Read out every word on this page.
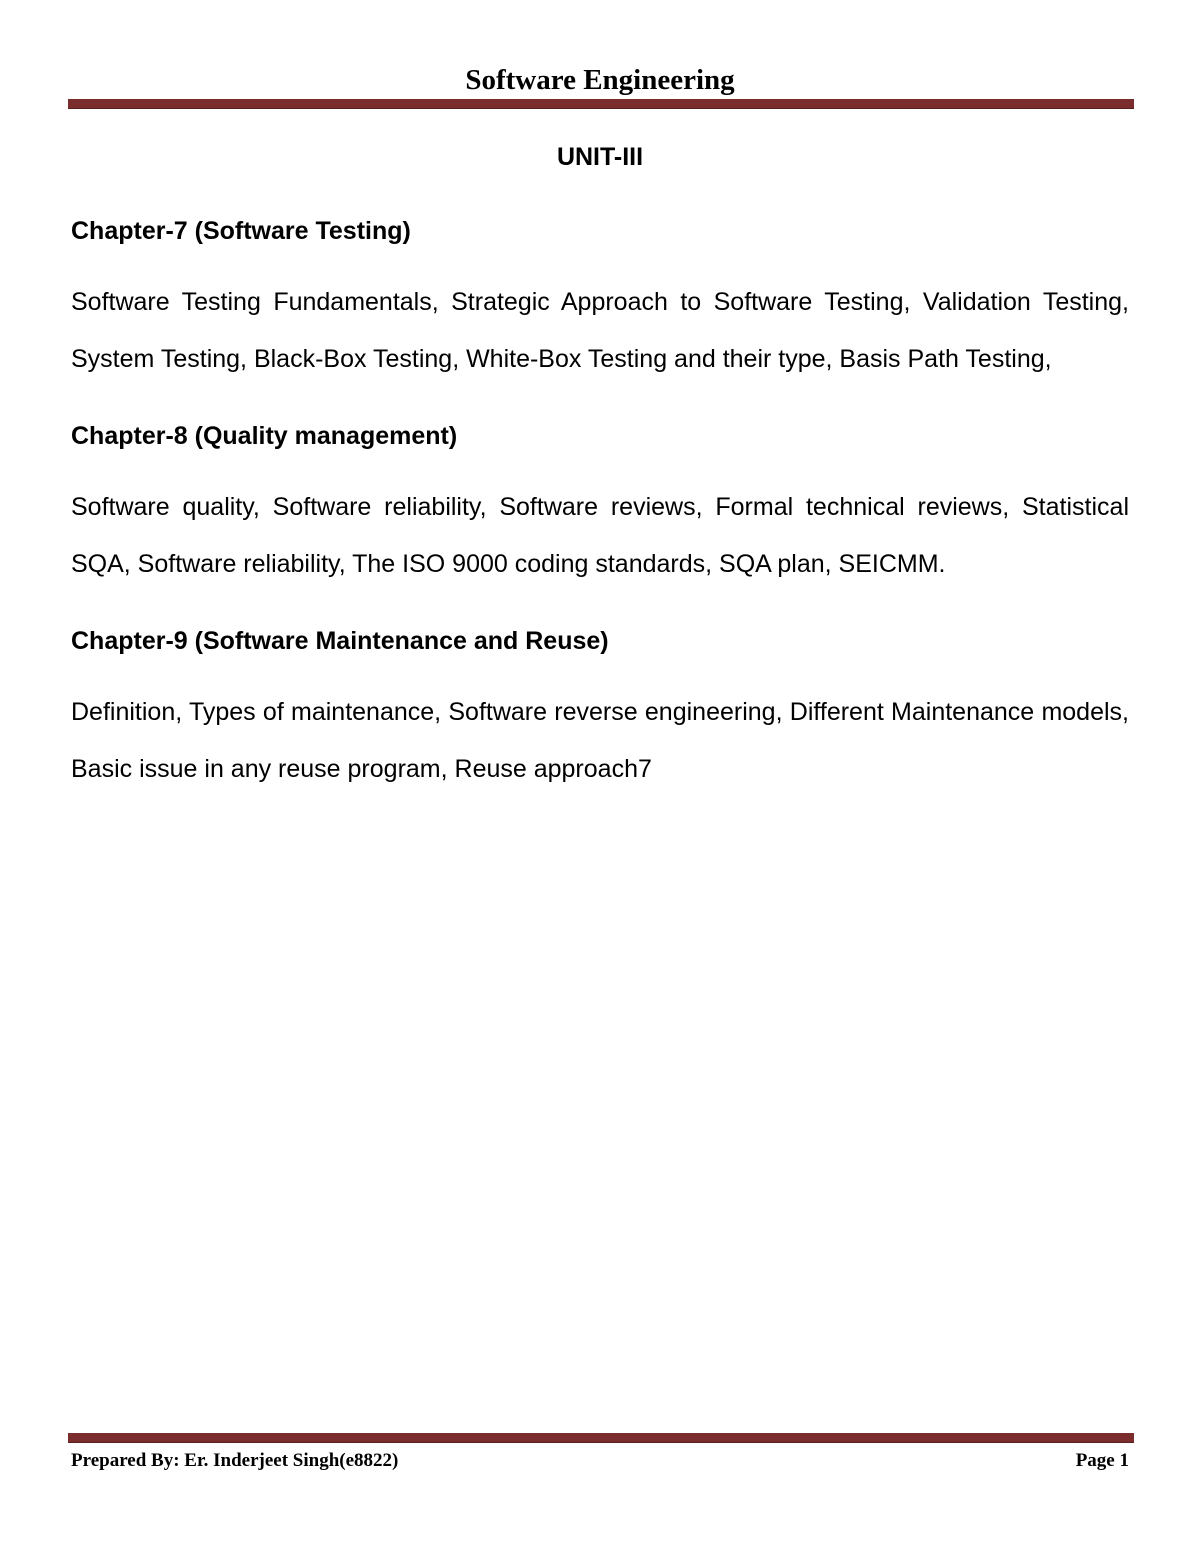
Software Engineering
UNIT-III
Chapter-7 (Software Testing)
Software Testing Fundamentals, Strategic Approach to Software Testing, Validation Testing, System Testing, Black-Box Testing, White-Box Testing and their type, Basis Path Testing,
Chapter-8 (Quality management)
Software quality, Software reliability, Software reviews, Formal technical reviews, Statistical SQA, Software reliability, The ISO 9000 coding standards, SQA plan, SEICMM.
Chapter-9 (Software Maintenance and Reuse)
Definition, Types of maintenance, Software reverse engineering, Different Maintenance models, Basic issue in any reuse program, Reuse approach7
Prepared By: Er. Inderjeet Singh(e8822)	Page 1
